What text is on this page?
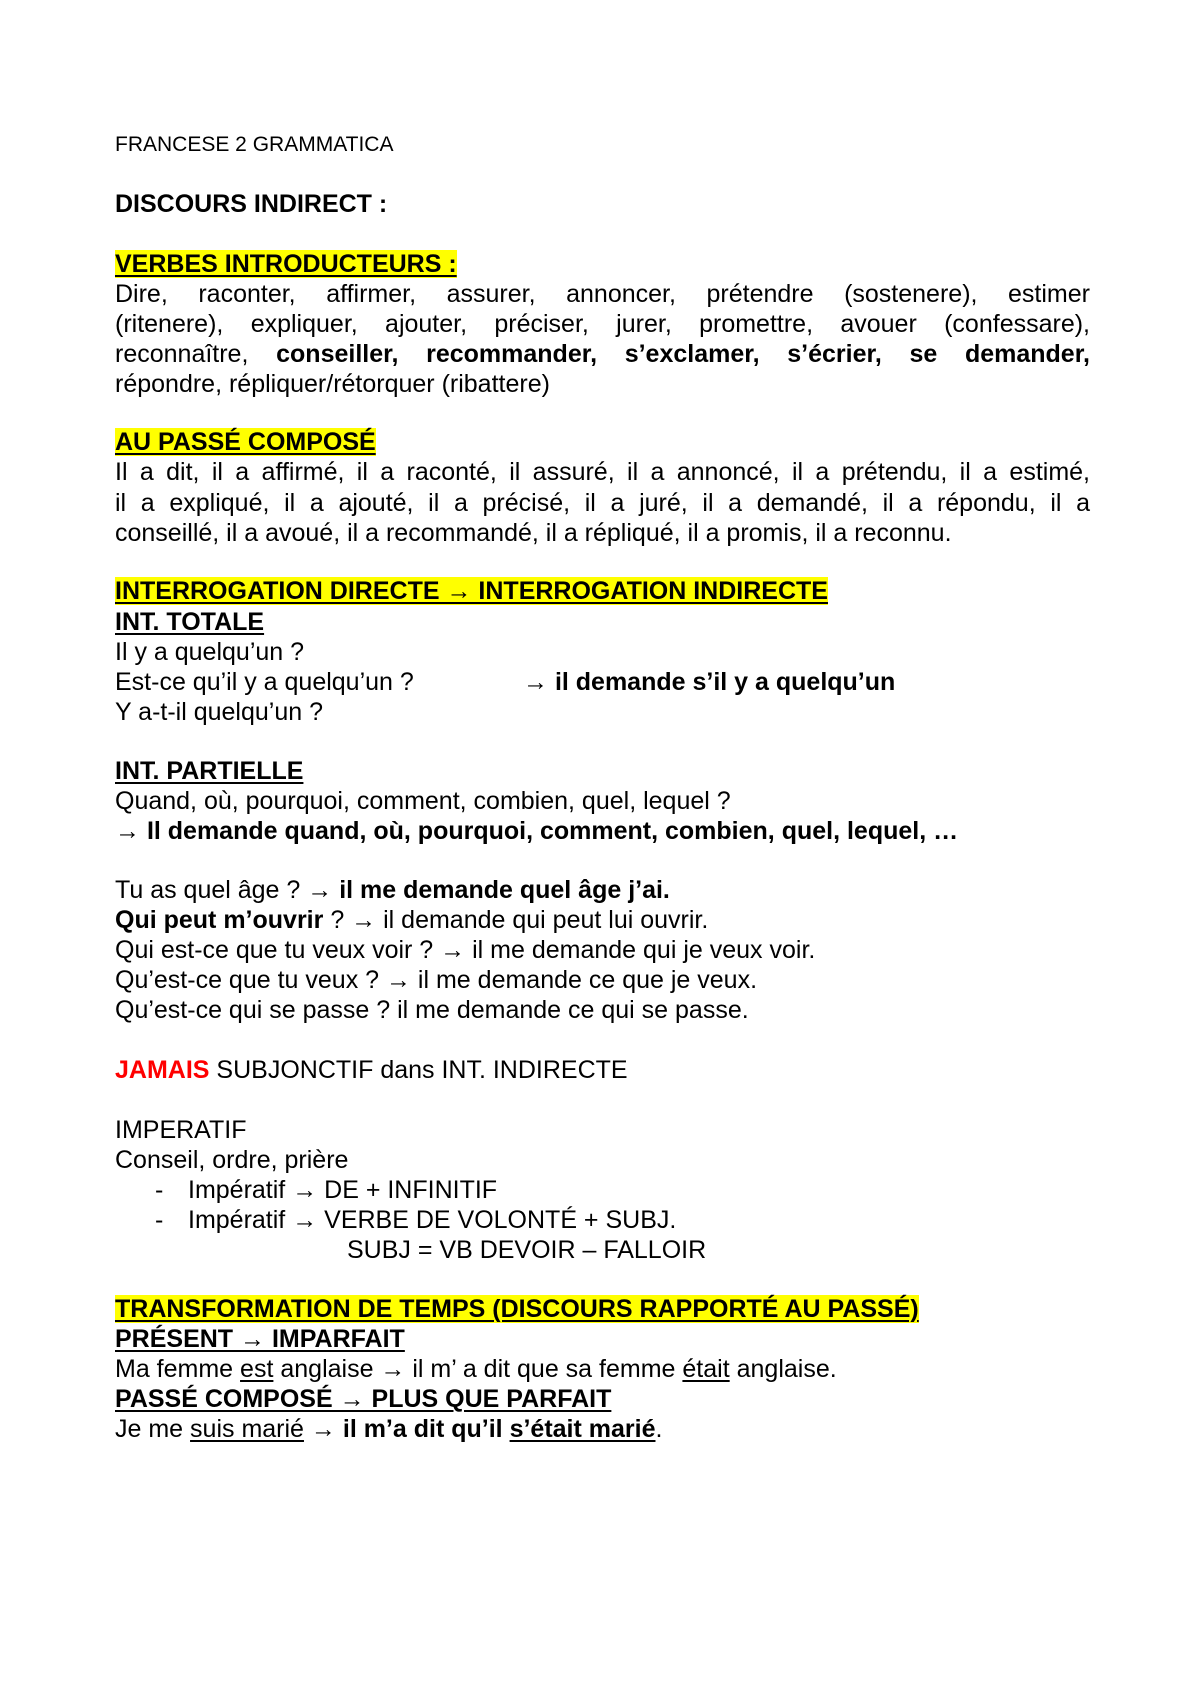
FRANCESE 2 GRAMMATICA
DISCOURS INDIRECT :
VERBES INTRODUCTEURS :
Dire, raconter, affirmer, assurer, annoncer, prétendre (sostenere), estimer
(ritenere), expliquer, ajouter, préciser, jurer, promettre, avouer (confessare),
reconnaître, conseiller, recommander, s’exclamer, s’écrier, se demander,
répondre, répliquer/rétorquer (ribattere)
AU PASSÉ COMPOSÉ
Il a dit, il a affirmé, il a raconté, il assuré, il a annoncé, il a prétendu, il a estimé,
il a expliqué, il a ajouté, il a précisé, il a juré, il a demandé, il a répondu, il a
conseillé, il a avoué, il a recommandé, il a répliqué, il a promis, il a reconnu.
INTERROGATION DIRECTE → INTERROGATION INDIRECTE
INT. TOTALE
Il y a quelqu’un ?
Est-ce qu’il y a quelqu’un ?	→ il demande s’il y a quelqu’un
Y a-t-il quelqu’un ?
INT. PARTIELLE
Quand, où, pourquoi, comment, combien, quel, lequel ?
→ Il demande quand, où, pourquoi, comment, combien, quel, lequel, …
Tu as quel âge ? → il me demande quel âge j’ai.
Qui peut m’ouvrir ? → il demande qui peut lui ouvrir.
Qui est-ce que tu veux voir ? → il me demande qui je veux voir.
Qu’est-ce que tu veux ? → il me demande ce que je veux.
Qu’est-ce qui se passe ? il me demande ce qui se passe.
JAMAIS SUBJONCTIF dans INT. INDIRECTE
IMPERATIF
Conseil, ordre, prière
- Impératif → DE + INFINITIF
- Impératif → VERBE DE VOLONTÉ + SUBJ.
SUBJ = VB DEVOIR – FALLOIR
TRANSFORMATION DE TEMPS (DISCOURS RAPPORTÉ AU PASSÉ)
PRÉSENT → IMPARFAIT
Ma femme est anglaise → il m’ a dit que sa femme était anglaise.
PASSÉ COMPOSÉ → PLUS QUE PARFAIT
Je me suis marié → il m’a dit qu’il s’était marié.
